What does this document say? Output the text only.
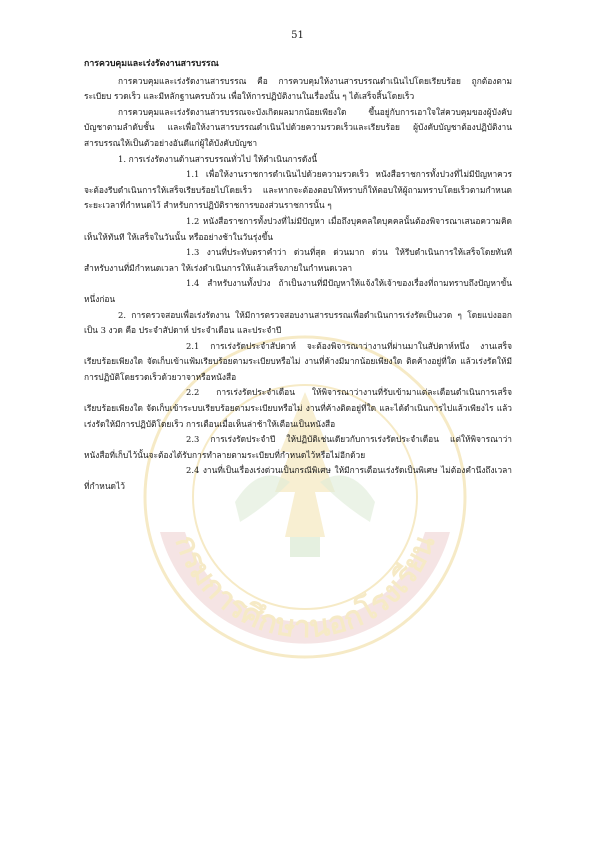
กรมการศึกษานอกโรงเรียน
51

การควบคุมและเร่งรัดงานสารบรรณ

การควบคุมและเร่งรัดงานสารบรรณ คือ การควบคุมให้งานสารบรรณดำเนินไปโดยเรียบร้อย ถูกต้องตามระเบียบ รวดเร็ว และมีหลักฐานครบถ้วน เพื่อให้การปฏิบัติงานในเรื่องนั้น ๆ ได้เสร็จสิ้นโดยเร็ว

การควบคุมและเร่งรัดงานสารบรรณจะบังเกิดผลมากน้อยเพียงใด ขึ้นอยู่กับการเอาใจใส่ควบคุมของผู้บังคับบัญชาตามลำดับชั้น และเพื่อให้งานสารบรรณดำเนินไปด้วยความรวดเร็วและเรียบร้อย ผู้บังคับบัญชาต้องปฏิบัติงานสารบรรณให้เป็นตัวอย่างอันดีแก่ผู้ใต้บังคับบัญชา

1. การเร่งรัดงานด้านสารบรรณทั่วไป ให้ดำเนินการดังนี้

1.1 เพื่อให้งานราชการดำเนินไปด้วยความรวดเร็ว หนังสือราชการทั้งปวงที่ไม่มีปัญหาควรจะต้องรีบดำเนินการให้เสร็จเรียบร้อยไปโดยเร็ว และหากจะต้องตอบให้ทราบก็ให้ตอบให้ผู้ถามทราบโดยเร็วตามกำหนดระยะเวลาที่กำหนดไว้ สำหรับการปฏิบัติราชการของส่วนราชการนั้น ๆ

1.2 หนังสือราชการทั้งปวงที่ไม่มีปัญหา เมื่อถึงบุคคลใดบุคคลนั้นต้องพิจารณาเสนอความคิดเห็นให้ทันที ให้เสร็จในวันนั้น หรืออย่างช้าในวันรุ่งขึ้น

1.3 งานที่ประทับตราคำว่า ด่วนที่สุด ด่วนมาก ด่วน ให้รีบดำเนินการให้เสร็จโดยทันที สำหรับงานที่มีกำหนดเวลา ให้เร่งดำเนินการให้แล้วเสร็จภายในกำหนดเวลา

1.4 สำหรับงานทั้งปวง ถ้าเป็นงานที่มีปัญหาให้แจ้งให้เจ้าของเรื่องที่ถามทราบถึงปัญหาขั้นหนึ่งก่อน

2. การตรวจสอบเพื่อเร่งรัดงาน ให้มีการตรวจสอบงานสารบรรณเพื่อดำเนินการเร่งรัดเป็นงวด ๆ โดยแบ่งออกเป็น 3 งวด คือ ประจำสัปดาห์ ประจำเดือน และประจำปี

2.1 การเร่งรัดประจำสัปดาห์ จะต้องพิจารณาว่างานที่ผ่านมาในสัปดาห์หนึ่ง งานเสร็จเรียบร้อยเพียงใด จัดเก็บเข้าแฟ้มเรียบร้อยตามระเบียบหรือไม่ งานที่ค้างมีมากน้อยเพียงใด ติดค้างอยู่ที่ใด แล้วเร่งรัดให้มีการปฏิบัติโดยรวดเร็วด้วยวาจาหรือหนังสือ

2.2 การเร่งรัดประจำเดือน ให้พิจารณาว่างานที่รับเข้ามาแต่ละเดือนดำเนินการเสร็จเรียบร้อยเพียงใด จัดเก็บเข้าระบบเรียบร้อยตามระเบียบหรือไม่ งานที่ค้างติดอยู่ที่ใด และได้ดำเนินการไปแล้วเพียงไร แล้วเร่งรัดให้มีการปฏิบัติโดยเร็ว การเตือนเมื่อเห็นล่าช้าให้เตือนเป็นหนังสือ

2.3 การเร่งรัดประจำปี ให้ปฏิบัติเช่นเดียวกับการเร่งรัดประจำเดือน แต่ให้พิจารณาว่าหนังสือที่เก็บไว้นั้นจะต้องได้รับการทำลายตามระเบียบที่กำหนดไว้หรือไม่อีกด้วย

2.4 งานที่เป็นเรื่องเร่งด่วนเป็นกรณีพิเศษ ให้มีการเตือนเร่งรัดเป็นพิเศษ ไม่ต้องคำนึงถึงเวลาที่กำหนดไว้
